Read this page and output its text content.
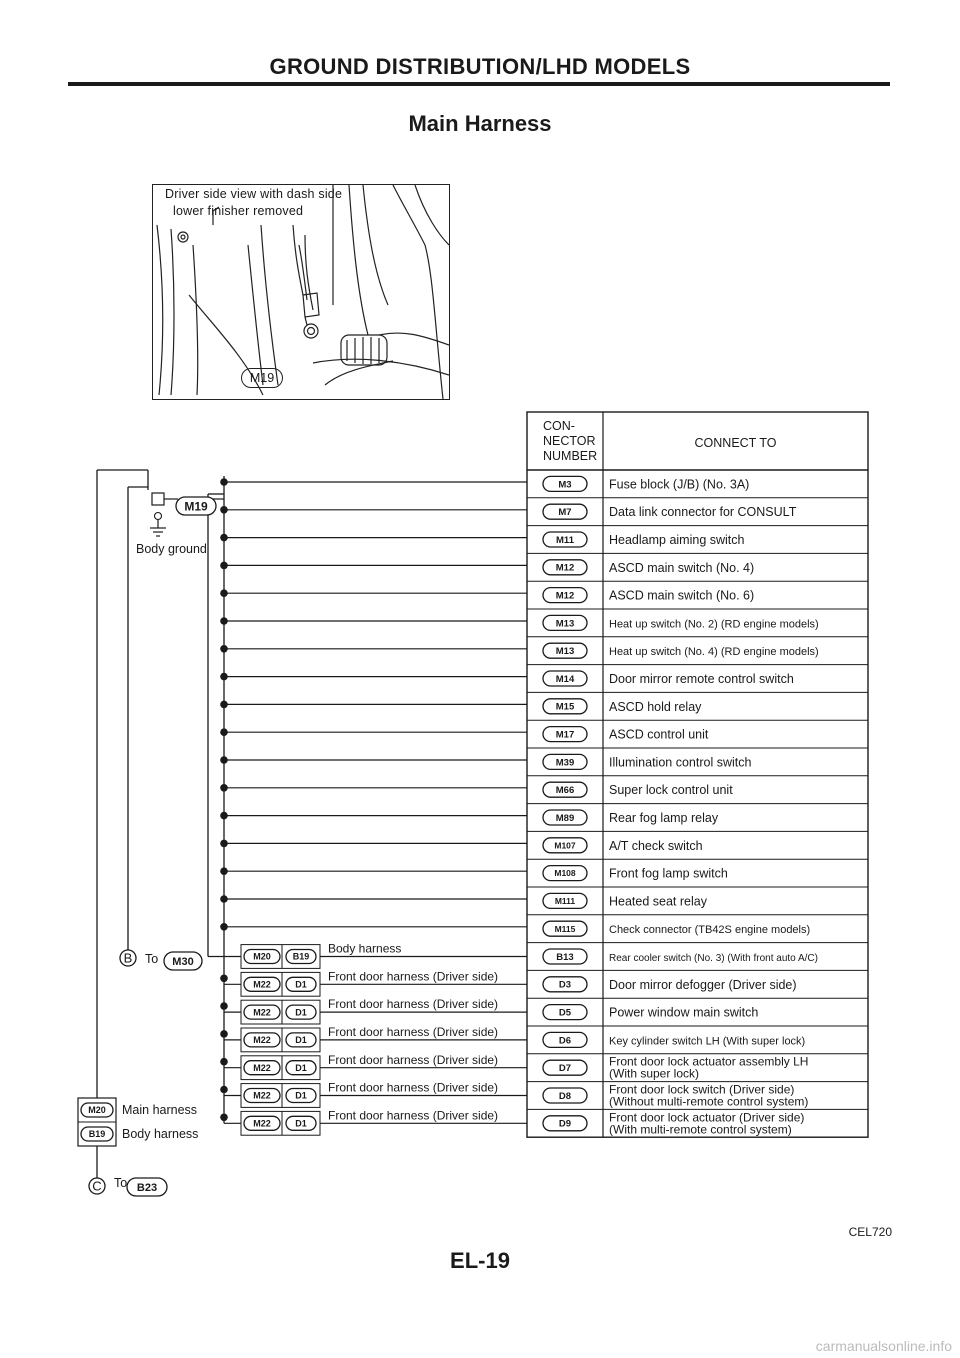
GROUND DISTRIBUTION/LHD MODELS
Main Harness
Driver side view with dash side
lower finisher removed
M19
CON-
NECTOR
NUMBER
CONNECT TO
M3	Fuse block (J/B) (No. 3A)
M7	Data link connector for CONSULT
M11	Headlamp aiming switch
M12	ASCD main switch (No. 4)
M12	ASCD main switch (No. 6)
M13	Heat up switch (No. 2) (RD engine models)
M13	Heat up switch (No. 4) (RD engine models)
M14	Door mirror remote control switch
M15	ASCD hold relay
M17	ASCD control unit
M39	Illumination control switch
M66	Super lock control unit
M89	Rear fog lamp relay
M107	A/T check switch
M108	Front fog lamp switch
M111	Heated seat relay
M115	Check connector (TB42S engine models)
B13	Rear cooler switch (No. 3) (With front auto A/C)
D3	Door mirror defogger (Driver side)
D5	Power window main switch
D6	Key cylinder switch LH (With super lock)
D7	Front door lock actuator assembly LH
(With super lock)
D8	Front door lock switch (Driver side)
(Without multi-remote control system)
D9	Front door lock actuator (Driver side)
(With multi-remote control system)
M20 B19
Body harness
M22	D1
Front door harness (Driver side)
M22	D1
Front door harness (Driver side)
M22	D1
Front door harness (Driver side)
M22	D1
Front door harness (Driver side)
M22	D1
Front door harness (Driver side)
M22	D1
Front door harness (Driver side)
M19
Body ground
B To M30
M20 Main harness
B19 Body harness
C To B23
CEL720
EL-19
carmanualsonline.info
